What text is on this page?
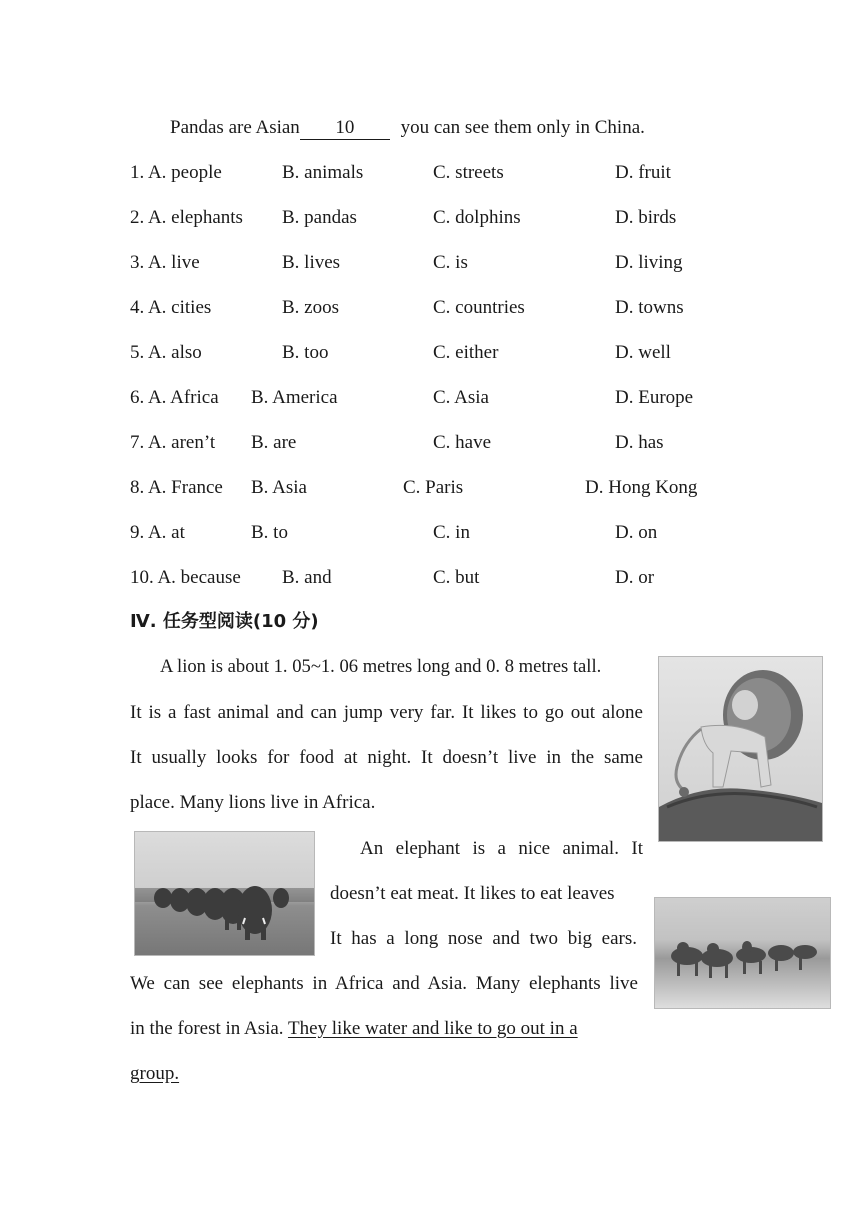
Pandas are Asian 10 you can see them only in China.
1. A. people	B. animals	C. streets	D. fruit
2. A. elephants B. pandas	C. dolphins	D. birds
3. A. live	B. lives	C. is	D. living
4. A. cities	B. zoos	C. countries	D. towns
5. A. also	B. too	C. either	D. well
6. A. Africa B. America	C. Asia	D. Europe
7. A. aren’t B. are	C. have	D. has
8. A. France B. Asia	C. Paris	D. Hong Kong
9. A. at	B. to	C. in	D. on
10. A. because B. and	C. but	D. or
Ⅳ. 任务型阅读(10 分)
A lion is about 1. 05~1. 06 metres long and 0. 8 metres tall.
It is a fast animal and can jump very far. It likes to go out alone
It usually looks for food at night. It doesn’t live in the same
place. Many lions live in Africa.
An elephant is a nice animal. It
doesn’t eat meat. It likes to eat leaves
It has a long nose and two big ears.
We can see elephants in Africa and Asia. Many elephants live
in the forest in Asia. They like water and like to go out in a
group.
